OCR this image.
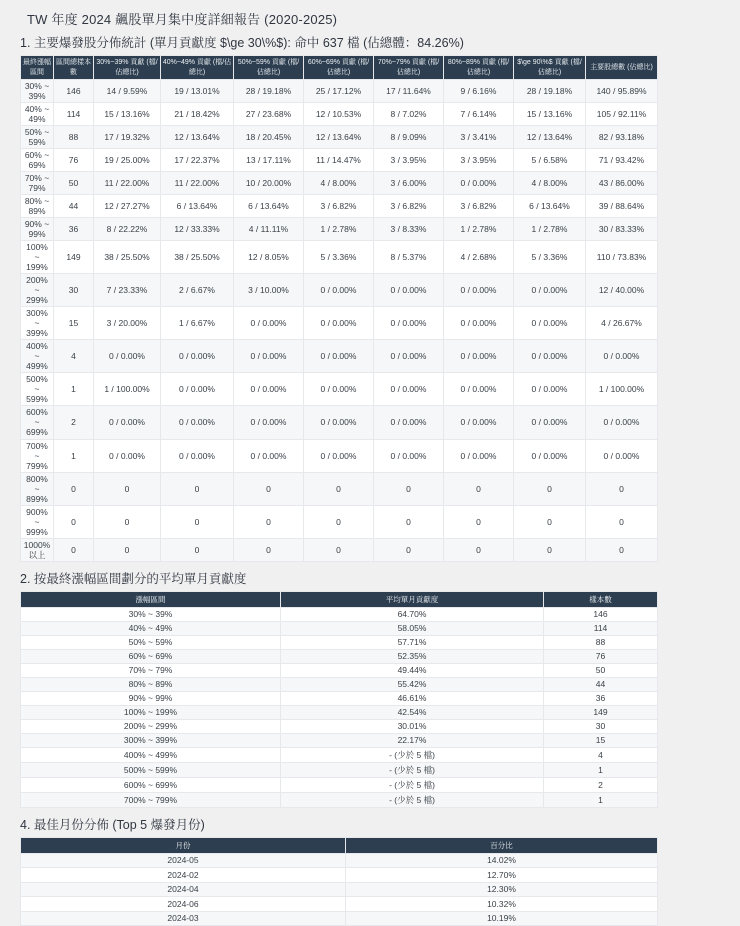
TW 年度 2024 飆股單月集中度詳細報告 (2020-2025)
1. 主要爆發股分佈統計 (單月貢獻度 $\ge 30\%$): 命中 637 檔 (佔總體：84.26%)
最終漲幅區間	區間總樣本數	30%~39% 貢獻 (檔/佔總比)	40%~49% 貢獻 (檔/佔總比)	50%~59% 貢獻 (檔/佔總比)	60%~69% 貢獻 (檔/佔總比)	70%~79% 貢獻 (檔/佔總比)	80%~89% 貢獻 (檔/佔總比)	$\ge 90\%$ 貢獻 (檔/佔總比)	主要股總數 (佔總比)
30% ~ 39%	146	14 / 9.59%	19 / 13.01%	28 / 19.18%	25 / 17.12%	17 / 11.64%	9 / 6.16%	28 / 19.18%	140 / 95.89%
40% ~ 49%	114	15 / 13.16%	21 / 18.42%	27 / 23.68%	12 / 10.53%	8 / 7.02%	7 / 6.14%	15 / 13.16%	105 / 92.11%
50% ~ 59%	88	17 / 19.32%	12 / 13.64%	18 / 20.45%	12 / 13.64%	8 / 9.09%	3 / 3.41%	12 / 13.64%	82 / 93.18%
60% ~ 69%	76	19 / 25.00%	17 / 22.37%	13 / 17.11%	11 / 14.47%	3 / 3.95%	3 / 3.95%	5 / 6.58%	71 / 93.42%
70% ~ 79%	50	11 / 22.00%	11 / 22.00%	10 / 20.00%	4 / 8.00%	3 / 6.00%	0 / 0.00%	4 / 8.00%	43 / 86.00%
80% ~ 89%	44	12 / 27.27%	6 / 13.64%	6 / 13.64%	3 / 6.82%	3 / 6.82%	3 / 6.82%	6 / 13.64%	39 / 88.64%
90% ~ 99%	36	8 / 22.22%	12 / 33.33%	4 / 11.11%	1 / 2.78%	3 / 8.33%	1 / 2.78%	1 / 2.78%	30 / 83.33%
100% ~ 199%	149	38 / 25.50%	38 / 25.50%	12 / 8.05%	5 / 3.36%	8 / 5.37%	4 / 2.68%	5 / 3.36%	110 / 73.83%
200% ~ 299%	30	7 / 23.33%	2 / 6.67%	3 / 10.00%	0 / 0.00%	0 / 0.00%	0 / 0.00%	0 / 0.00%	12 / 40.00%
300% ~ 399%	15	3 / 20.00%	1 / 6.67%	0 / 0.00%	0 / 0.00%	0 / 0.00%	0 / 0.00%	0 / 0.00%	4 / 26.67%
400% ~ 499%	4	0 / 0.00%	0 / 0.00%	0 / 0.00%	0 / 0.00%	0 / 0.00%	0 / 0.00%	0 / 0.00%	0 / 0.00%
500% ~ 599%	1	1 / 100.00%	0 / 0.00%	0 / 0.00%	0 / 0.00%	0 / 0.00%	0 / 0.00%	0 / 0.00%	1 / 100.00%
600% ~ 699%	2	0 / 0.00%	0 / 0.00%	0 / 0.00%	0 / 0.00%	0 / 0.00%	0 / 0.00%	0 / 0.00%	0 / 0.00%
700% ~ 799%	1	0 / 0.00%	0 / 0.00%	0 / 0.00%	0 / 0.00%	0 / 0.00%	0 / 0.00%	0 / 0.00%	0 / 0.00%
800% ~ 899%	0	0	0	0	0	0	0	0	0
900% ~ 999%	0	0	0	0	0	0	0	0	0
1000% 以上	0	0	0	0	0	0	0	0	0
2. 按最終漲幅區間劃分的平均單月貢獻度
漲幅區間	平均單月貢獻度	樣本數
30% ~ 39%	64.70%	146
40% ~ 49%	58.05%	114
50% ~ 59%	57.71%	88
60% ~ 69%	52.35%	76
70% ~ 79%	49.44%	50
80% ~ 89%	55.42%	44
90% ~ 99%	46.61%	36
100% ~ 199%	42.54%	149
200% ~ 299%	30.01%	30
300% ~ 399%	22.17%	15
400% ~ 499%	- (少於 5 檔)	4
500% ~ 599%	- (少於 5 檔)	1
600% ~ 699%	- (少於 5 檔)	2
700% ~ 799%	- (少於 5 檔)	1
4. 最佳月份分佈 (Top 5 爆發月份)
月份	百分比
2024-05	14.02%
2024-02	12.70%
2024-04	12.30%
2024-06	10.32%
2024-03	10.19%
